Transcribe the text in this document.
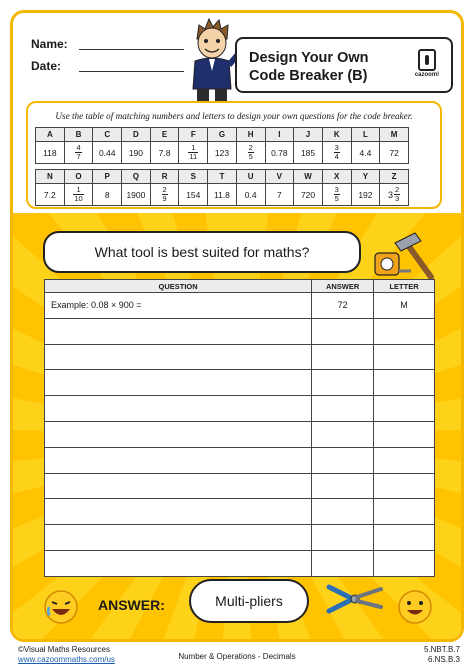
Name:
Date:	Design Your Own
Code Breaker (B)	cazoom!
Use the table of matching numbers and letters to design your own questions for the code breaker.
A	B	C	D	E	F	G	H	I	J	K	L	M
118	$\frac{4}{7}$	0.44	190	7.8	$\frac{1}{11}$	123	$\frac{2}{5}$	0.78	185	$\frac{3}{4}$	4.4	72
N	O	P	Q	R	S	T	U	V	W	X	Y	Z
7.2	$\frac{1}{10}$	8	1900	$\frac{2}{9}$	154	11.8	0.4	7	720	$\frac{3}{5}$	192	$3 \frac{2}{3}$
What tool is best suited for maths?
QUESTION	ANSWER	LETTER
Example: 0.08 × 900 =	72	M

ANSWER:	Multi-pliers
©Visual Maths Resources
www.cazoommaths.com/us	Number & Operations - Decimals
5.NBT.B.7
6.NS.B.3
